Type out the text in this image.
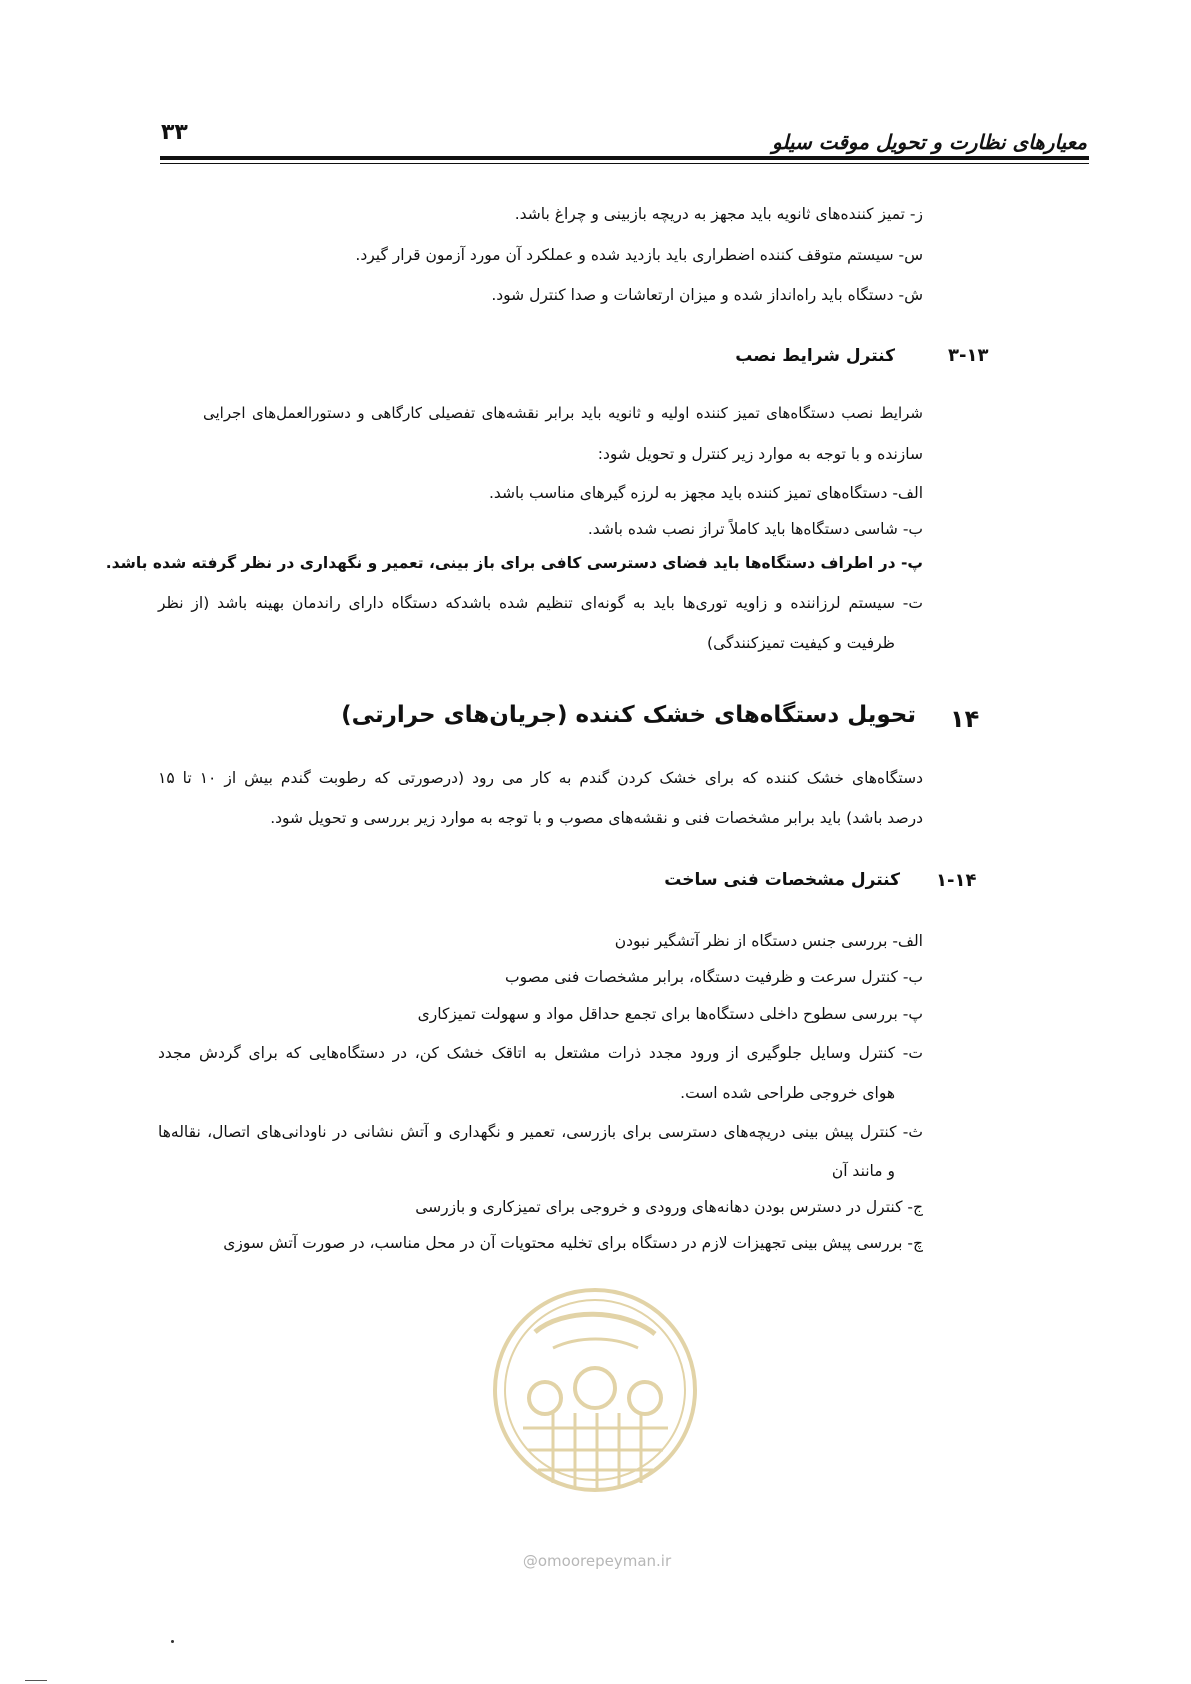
معیارهای نظارت و تحویل موقت سیلو
۳۳
ز- تمیز کننده‌های ثانویه باید مجهز به دریچه بازبینی و چراغ باشد.
س- سیستم متوقف کننده اضطراری باید بازدید شده و عملکرد آن مورد آزمون قرار گیرد.
ش- دستگاه باید راه‌انداز شده و میزان ارتعاشات و صدا کنترل شود.
۳-۱۳
کنترل شرایط نصب
شرایط نصب دستگاه‌های تمیز کننده اولیه و ثانویه باید برابر نقشه‌های تفصیلی کارگاهی و دستورالعمل‌های اجرایی
سازنده و با توجه به موارد زیر کنترل و تحویل شود:
الف- دستگاه‌های تمیز کننده باید مجهز به لرزه گیرهای مناسب باشد.
ب- شاسی دستگاه‌ها باید کاملاً تراز نصب شده باشد.
پ- در اطراف دستگاه‌ها باید فضای دسترسی کافی برای باز بینی، تعمیر و نگهداری در نظر گرفته شده باشد.
ت- سیستم لرزاننده و زاویه توری‌ها باید به گونه‌ای تنظیم شده باشدکه دستگاه دارای راندمان بهینه باشد (از نظر
ظرفیت و کیفیت تمیزکنندگی)
۱۴
تحویل دستگاه‌های خشک کننده (جریان‌های حرارتی)
دستگاه‌های خشک کننده که برای خشک کردن گندم به کار می رود (درصورتی که رطوبت گندم بیش از ۱۰ تا ۱۵
درصد باشد) باید برابر مشخصات فنی و نقشه‌های مصوب و با توجه به موارد زیر بررسی و تحویل شود.
۱-۱۴
کنترل مشخصات فنی ساخت
الف- بررسی جنس دستگاه از نظر آتشگیر نبودن
ب- کنترل سرعت و ظرفیت دستگاه، برابر مشخصات فنی مصوب
پ- بررسی سطوح داخلی دستگاه‌ها برای تجمع حداقل مواد و سهولت تمیزکاری
ت- کنترل وسایل جلوگیری از ورود مجدد ذرات مشتعل به اتاقک خشک کن، در دستگاه‌هایی که برای گردش مجدد
هوای خروجی طراحی شده است.
ث- کنترل پیش بینی دریچه‌های دسترسی برای بازرسی، تعمیر و نگهداری و آتش نشانی در ناودانی‌های اتصال، نقاله‌ها
و مانند آن
ج- کنترل در دسترس بودن دهانه‌های ورودی و خروجی برای تمیزکاری و بازرسی
چ- بررسی پیش بینی تجهیزات لازم در دستگاه برای تخلیه محتویات آن در محل مناسب، در صورت آتش سوزی
@omoorepeyman.ir
